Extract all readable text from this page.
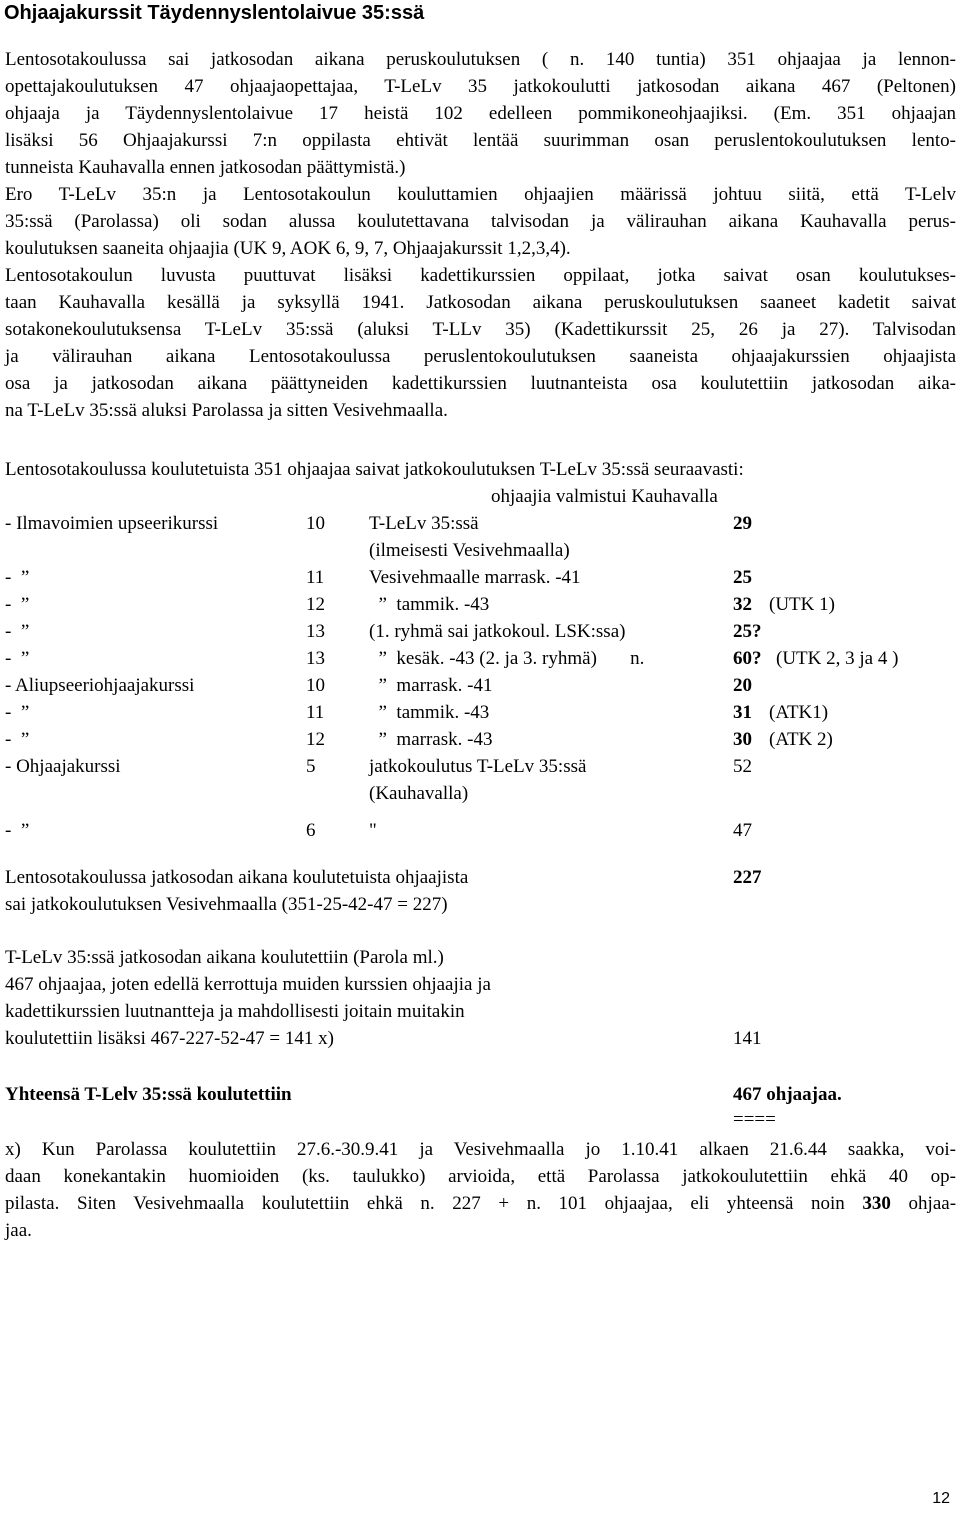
Ohjaajakurssit Täydennyslentolaivue 35:ssä
Lentosotakoulussa sai jatkosodan aikana peruskoulutuksen ( n. 140 tuntia) 351 ohjaajaa ja lennon-
opettajakoulutuksen 47 ohjaajaopettajaa, T-LeLv 35 jatkokoulutti jatkosodan aikana 467 (Peltonen)
ohjaaja ja Täydennyslentolaivue 17 heistä 102 edelleen pommikoneohjaajiksi. (Em. 351 ohjaajan
lisäksi 56 Ohjaajakurssi 7:n oppilasta ehtivät lentää suurimman osan peruslentokoulutuksen lento-
tunneista Kauhavalla ennen jatkosodan päättymistä.)
Ero T-LeLv 35:n ja Lentosotakoulun kouluttamien ohjaajien määrissä johtuu siitä, että T-Lelv
35:ssä (Parolassa) oli sodan alussa koulutettavana talvisodan ja välirauhan aikana Kauhavalla perus-
koulutuksen saaneita ohjaajia (UK 9, AOK 6, 9, 7, Ohjaajakurssit 1,2,3,4).
Lentosotakoulun luvusta puuttuvat lisäksi kadettikurssien oppilaat, jotka saivat osan koulutukses-
taan Kauhavalla kesällä ja syksyllä 1941. Jatkosodan aikana peruskoulutuksen saaneet kadetit saivat
sotakonekoulutuksensa T-LeLv 35:ssä (aluksi T-LLv 35) (Kadettikurssit 25, 26 ja 27). Talvisodan
ja välirauhan aikana Lentosotakoulussa peruslentokoulutuksen saaneista ohjaajakurssien ohjaajista
osa ja jatkosodan aikana päättyneiden kadettikurssien luutnanteista osa koulutettiin jatkosodan aika-
na T-LeLv 35:ssä aluksi Parolassa ja sitten Vesivehmaalla.
Lentosotakoulussa koulutetuista 351 ohjaajaa saivat jatkokoulutuksen T-LeLv 35:ssä seuraavasti:
ohjaajia valmistui Kauhavalla
- Ilmavoimien upseerikurssi	10 T-LeLv 35:ssä	29
(ilmeisesti Vesivehmaalla)
-  ”	11 Vesivehmaalle marrask. -41	25
-  ”	12 ”  tammik. -43	32 (UTK 1)
-  ”	13 (1. ryhmä sai jatkokoul. LSK:ssa)	25?
-  ”	13 ”  kesäk. -43 (2. ja 3. ryhmä)       n.	60? (UTK 2, 3 ja 4 )
- Aliupseeriohjaajakurssi	10 ”  marrask. -41	20
-  ”	11 ”  tammik. -43	31 (ATK1)
-  ”	12 ”  marrask. -43	30 (ATK 2)
- Ohjaajakurssi	5	jatkokoulutus T-LeLv 35:ssä	52
(Kauhavalla)
-  ”	6	"	47
Lentosotakoulussa jatkosodan aikana koulutetuista ohjaajista	227
sai jatkokoulutuksen Vesivehmaalla (351-25-42-47 = 227)
T-LeLv 35:ssä jatkosodan aikana koulutettiin (Parola ml.)
467 ohjaajaa, joten edellä kerrottuja muiden kurssien ohjaajia ja
kadettikurssien luutnantteja ja mahdollisesti joitain muitakin
koulutettiin lisäksi 467-227-52-47 = 141 x)	141
Yhteensä T-Lelv 35:ssä koulutettiin	467 ohjaajaa.
====
x) Kun Parolassa koulutettiin 27.6.-30.9.41 ja Vesivehmaalla jo 1.10.41 alkaen 21.6.44 saakka, voi-
daan konekantakin huomioiden (ks. taulukko) arvioida, että Parolassa jatkokoulutettiin ehkä 40 op-
pilasta. Siten Vesivehmaalla koulutettiin ehkä n. 227 + n. 101 ohjaajaa, eli yhteensä noin 330 ohjaa-
jaa.
12
